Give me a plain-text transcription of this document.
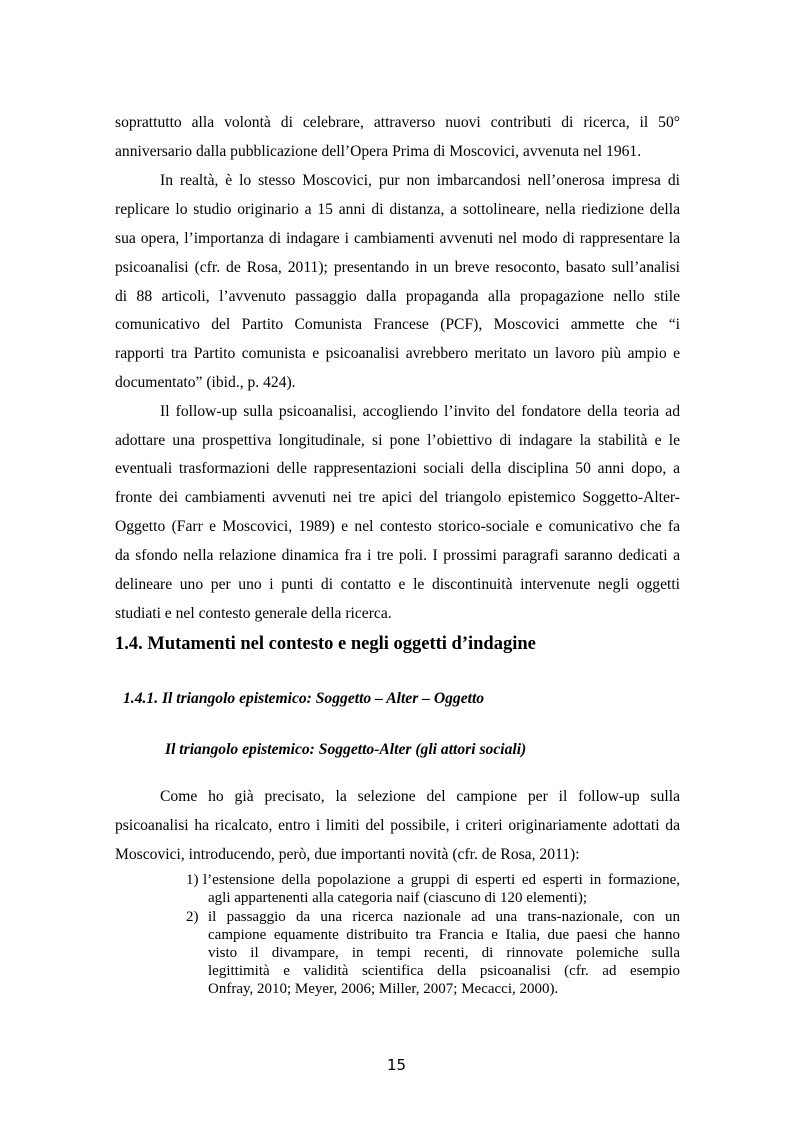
soprattutto alla volontà di celebrare, attraverso nuovi contributi di ricerca, il 50°
anniversario dalla pubblicazione dell’Opera Prima di Moscovici, avvenuta nel 1961.
In realtà, è lo stesso Moscovici, pur non imbarcandosi nell’onerosa impresa di
replicare lo studio originario a 15 anni di distanza, a sottolineare, nella riedizione della
sua opera, l’importanza di indagare i cambiamenti avvenuti nel modo di rappresentare la
psicoanalisi (cfr. de Rosa, 2011); presentando in un breve resoconto, basato sull’analisi
di 88 articoli, l’avvenuto passaggio dalla propaganda alla propagazione nello stile
comunicativo del Partito Comunista Francese (PCF), Moscovici ammette che “i
rapporti tra Partito comunista e psicoanalisi avrebbero meritato un lavoro più ampio e
documentato” (ibid., p. 424).
Il follow-up sulla psicoanalisi, accogliendo l’invito del fondatore della teoria ad
adottare una prospettiva longitudinale, si pone l’obiettivo di indagare la stabilità e le
eventuali trasformazioni delle rappresentazioni sociali della disciplina 50 anni dopo, a
fronte dei cambiamenti avvenuti nei tre apici del triangolo epistemico Soggetto-Alter-
Oggetto (Farr e Moscovici, 1989) e nel contesto storico-sociale e comunicativo che fa
da sfondo nella relazione dinamica fra i tre poli. I prossimi paragrafi saranno dedicati a
delineare uno per uno i punti di contatto e le discontinuità intervenute negli oggetti
studiati e nel contesto generale della ricerca.
1.4. Mutamenti nel contesto e negli oggetti d’indagine
1.4.1. Il triangolo epistemico: Soggetto – Alter – Oggetto
Il triangolo epistemico: Soggetto-Alter (gli attori sociali)
Come ho già precisato, la selezione del campione per il follow-up sulla
psicoanalisi ha ricalcato, entro i limiti del possibile, i criteri originariamente adottati da
Moscovici, introducendo, però, due importanti novità (cfr. de Rosa, 2011):
1) l’estensione della popolazione a gruppi di esperti ed esperti in formazione,
agli appartenenti alla categoria naif (ciascuno di 120 elementi);
2) il passaggio da una ricerca nazionale ad una trans-nazionale, con un
campione equamente distribuito tra Francia e Italia, due paesi che hanno
visto il divampare, in tempi recenti, di rinnovate polemiche sulla
legittimità e validità scientifica della psicoanalisi (cfr. ad esempio
Onfray, 2010; Meyer, 2006; Miller, 2007; Mecacci, 2000).
15
